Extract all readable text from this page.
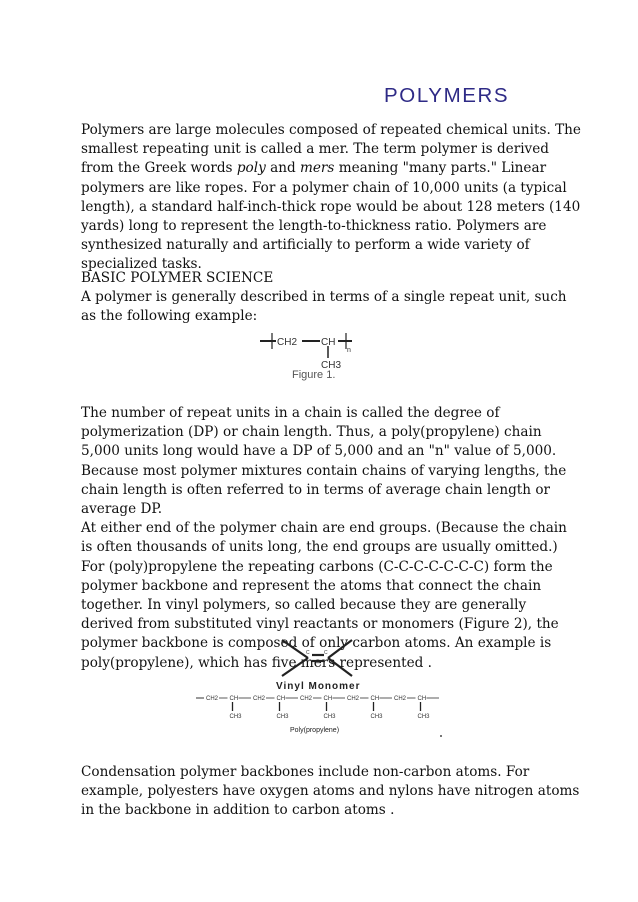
POLYMERS

Polymers are large molecules composed of repeated chemical units. The smallest repeating unit is called a mer. The term polymer is derived from the Greek words poly and mers meaning "many parts." Linear polymers are like ropes. For a polymer chain of 10,000 units (a typical length), a standard half-inch-thick rope would be about 128 meters (140 yards) long to represent the length-to-thickness ratio. Polymers are synthesized naturally and artificially to perform a wide variety of specialized tasks.

BASIC POLYMER SCIENCE

A polymer is generally described in terms of a single repeat unit, such as the following example:

CH2 CH
n
CH3
Figure 1.
The number of repeat units in a chain is called the degree of polymerization (DP) or chain length. Thus, a poly(propylene) chain 5,000 units long would have a DP of 5,000 and an "n" value of 5,000. Because most polymer mixtures contain chains of varying lengths, the chain length is often referred to in terms of average chain length or average DP.
At either end of the polymer chain are end groups. (Because the chain is often thousands of units long, the end groups are usually omitted.) For (poly)propylene the repeating carbons (C-C-C-C-C-C-C) form the polymer backbone and represent the atoms that connect the chain together. In vinyl polymers, so called because they are generally derived from substituted vinyl reactants or monomers (Figure 2), the polymer backbone is composed of only carbon atoms. An example is poly(propylene), which has five mers represented .
C	C
Vinyl Monomer
CH2 CH
CH3
CH2 CH
CH3
CH2 CH
CH3
CH2 CH
CH3
CH2 CH
CH3
Poly(propylene)

Condensation polymer backbones include non-carbon atoms. For example, polyesters have oxygen atoms and nylons have nitrogen atoms in the backbone in addition to carbon atoms .
